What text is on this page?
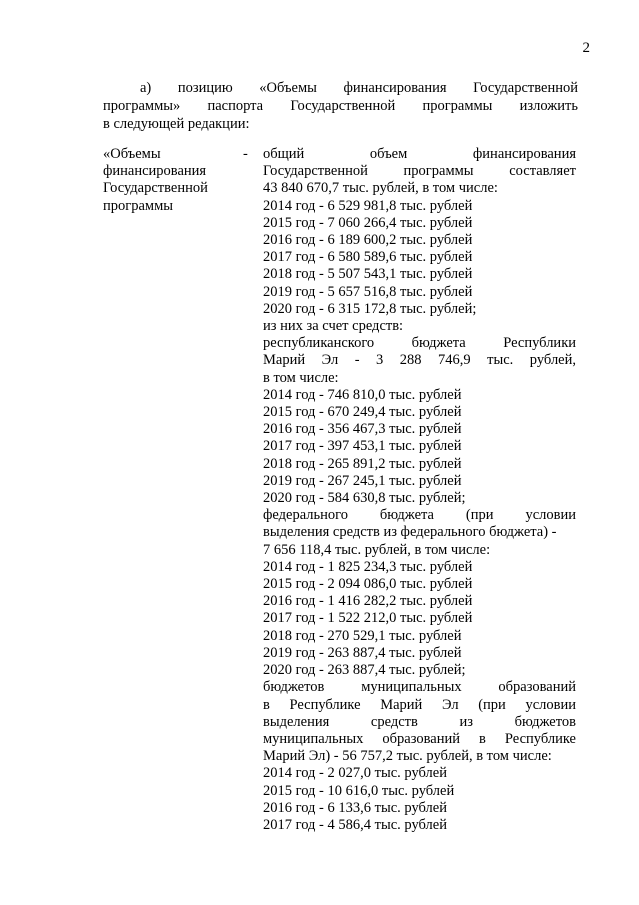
2
а) позицию «Объемы финансирования Государственной
программы» паспорта Государственной программы изложить
в следующей редакции:
«Объемы
финансирования
Государственной
программы
- общий объем финансирования
Государственной программы составляет
43 840 670,7 тыс. рублей, в том числе:
2014 год - 6 529 981,8 тыс. рублей
2015 год - 7 060 266,4 тыс. рублей
2016 год - 6 189 600,2 тыс. рублей
2017 год - 6 580 589,6 тыс. рублей
2018 год - 5 507 543,1 тыс. рублей
2019 год - 5 657 516,8 тыс. рублей
2020 год - 6 315 172,8 тыс. рублей;
из них за счет средств:
республиканского бюджета Республики
Марий Эл - 3 288 746,9 тыс. рублей,
в том числе:
2014 год - 746 810,0 тыс. рублей
2015 год - 670 249,4 тыс. рублей
2016 год - 356 467,3 тыс. рублей
2017 год - 397 453,1 тыс. рублей
2018 год - 265 891,2 тыс. рублей
2019 год - 267 245,1 тыс. рублей
2020 год - 584 630,8 тыс. рублей;
федерального бюджета (при условии
выделения средств из федерального бюджета) -
7 656 118,4 тыс. рублей, в том числе:
2014 год - 1 825 234,3 тыс. рублей
2015 год - 2 094 086,0 тыс. рублей
2016 год - 1 416 282,2 тыс. рублей
2017 год - 1 522 212,0 тыс. рублей
2018 год - 270 529,1 тыс. рублей
2019 год - 263 887,4 тыс. рублей
2020 год - 263 887,4 тыс. рублей;
бюджетов муниципальных образований
в Республике Марий Эл (при условии
выделения средств из бюджетов
муниципальных образований в Республике
Марий Эл) - 56 757,2 тыс. рублей, в том числе:
2014 год - 2 027,0 тыс. рублей
2015 год - 10 616,0 тыс. рублей
2016 год - 6 133,6 тыс. рублей
2017 год - 4 586,4 тыс. рублей
